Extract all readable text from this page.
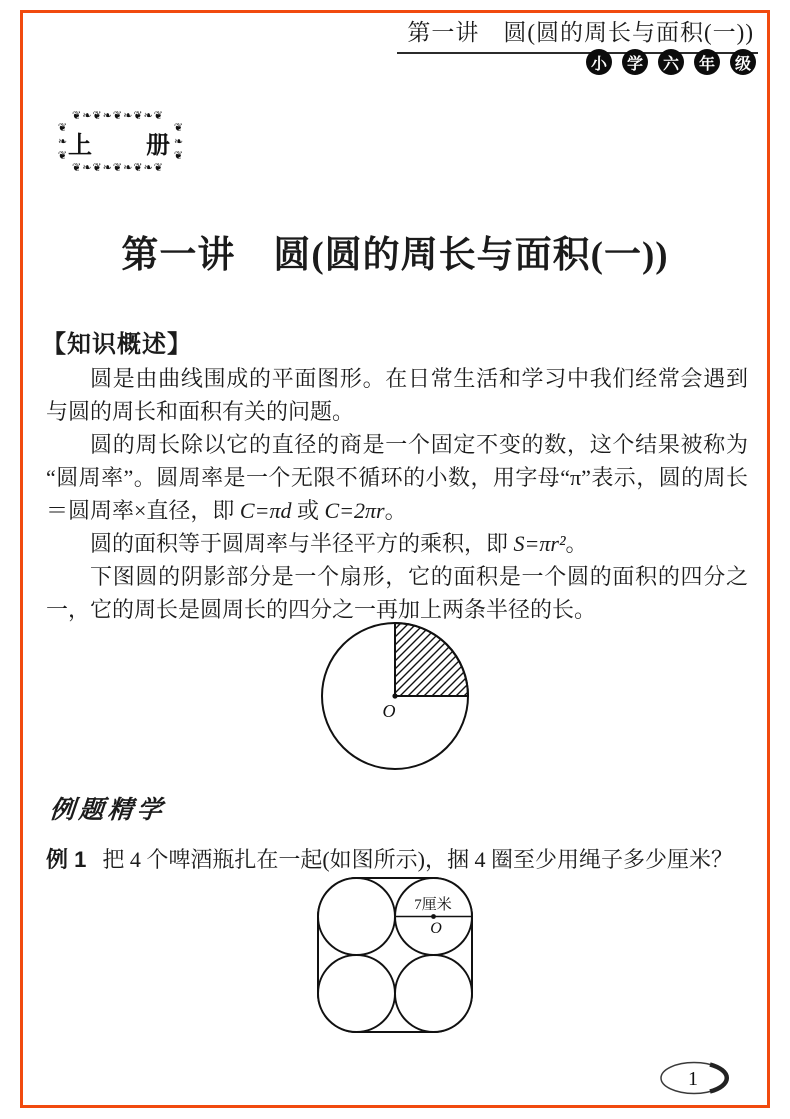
第一讲　圆(圆的周长与面积(一))
小	学	六	年	级
❦❧❦❧❦❧❦❧❦
❦❧❦ 上　　册 ❦❧❦
❦❧❦❧❦❧❦❧❦
第一讲　圆(圆的周长与面积(一))
【知识概述】
圆是由曲线围成的平面图形。在日常生活和学习中我们经常会遇到
与圆的周长和面积有关的问题。
圆的周长除以它的直径的商是一个固定不变的数，这个结果被称为
“圆周率”。圆周率是一个无限不循环的小数，用字母“π”表示，圆的周长
＝圆周率×直径，即 C=πd 或 C=2πr。
圆的面积等于圆周率与半径平方的乘积，即 S=πr²。
下图圆的阴影部分是一个扇形，它的面积是一个圆的面积的四分之
一，它的周长是圆周长的四分之一再加上两条半径的长。
O
例题精学
例 1 把 4 个啤酒瓶扎在一起(如图所示)，捆 4 圈至少用绳子多少厘米？
7厘米
O
1
